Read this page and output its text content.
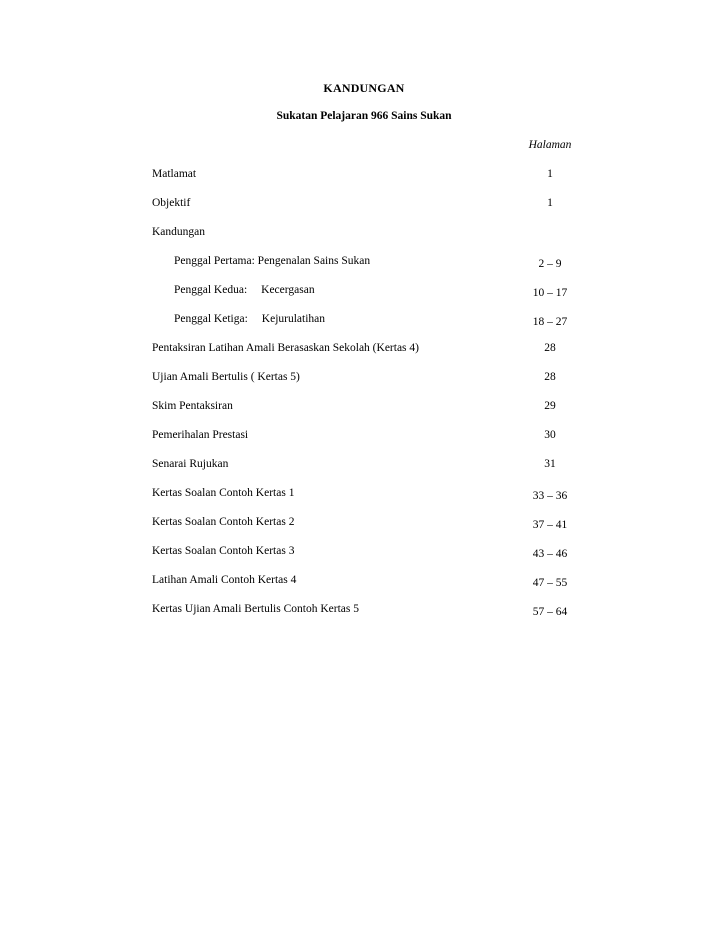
KANDUNGAN
Sukatan Pelajaran 966 Sains Sukan
Halaman
Matlamat	1
Objektif	1
Kandungan
Penggal Pertama: Pengenalan Sains Sukan	2 – 9
Penggal Kedua: Kecergasan	10 – 17
Penggal Ketiga: Kejurulatihan	18 – 27
Pentaksiran Latihan Amali Berasaskan Sekolah (Kertas 4)	28
Ujian Amali Bertulis ( Kertas 5)	28
Skim Pentaksiran	29
Pemerihalan Prestasi	30
Senarai Rujukan	31
Kertas Soalan Contoh Kertas 1	33 – 36
Kertas Soalan Contoh Kertas 2	37 – 41
Kertas Soalan Contoh Kertas 3	43 – 46
Latihan Amali Contoh Kertas 4	47 – 55
Kertas Ujian Amali Bertulis Contoh Kertas 5	57 – 64
